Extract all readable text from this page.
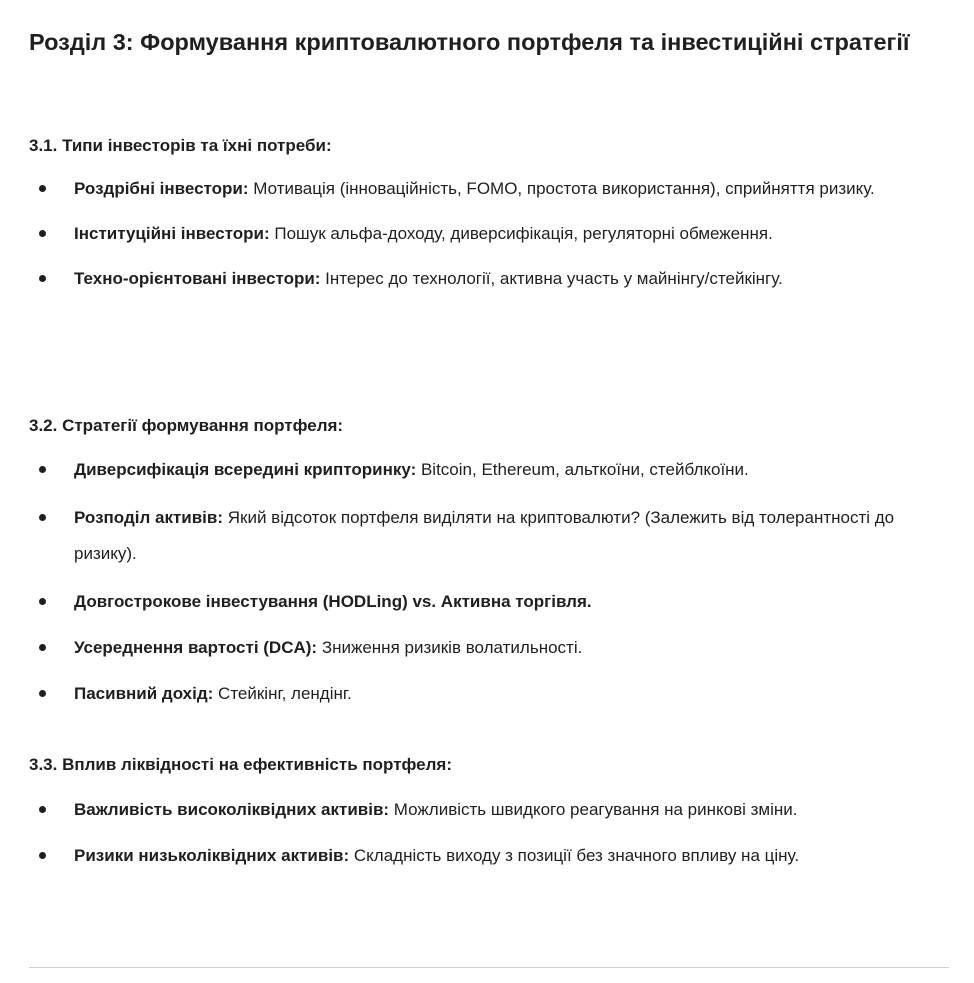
Розділ 3: Формування криптовалютного портфеля та інвестиційні стратегії
3.1. Типи інвесторів та їхні потреби:
Роздрібні інвестори: Мотивація (інноваційність, FOMO, простота використання), сприйняття ризику.
Інституційні інвестори: Пошук альфа-доходу, диверсифікація, регуляторні обмеження.
Техно-орієнтовані інвестори: Інтерес до технології, активна участь у майнінгу/стейкінгу.
3.2. Стратегії формування портфеля:
Диверсифікація всередині крипторинку: Bitcoin, Ethereum, альткоїни, стейблкоїни.
Розподіл активів: Який відсоток портфеля виділяти на криптовалюти? (Залежить від толерантності до ризику).
Довгострокове інвестування (HODLing) vs. Активна торгівля.
Усереднення вартості (DCA): Зниження ризиків волатильності.
Пасивний дохід: Стейкінг, лендінг.
3.3. Вплив ліквідності на ефективність портфеля:
Важливість високоліквідних активів: Можливість швидкого реагування на ринкові зміни.
Ризики низьколіквідних активів: Складність виходу з позиції без значного впливу на ціну.
